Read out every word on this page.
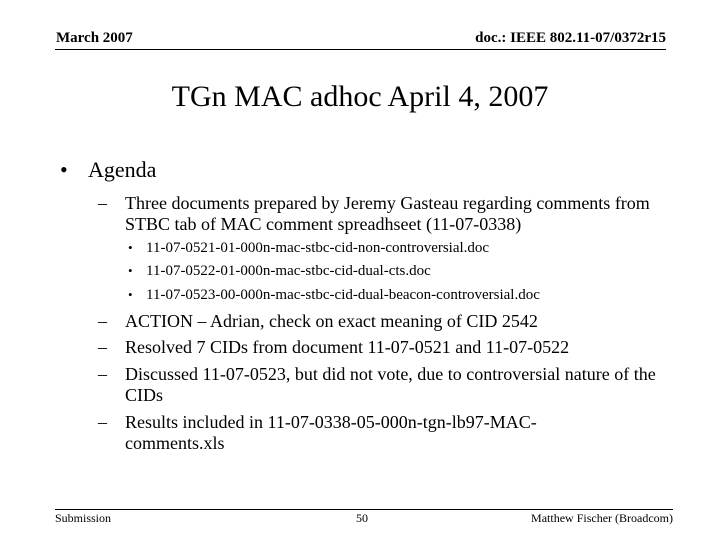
March 2007	doc.: IEEE 802.11-07/0372r15
TGn MAC adhoc April 4, 2007
• Agenda
– Three documents prepared by Jeremy Gasteau regarding comments from STBC tab of MAC comment spreadhseet (11-07-0338)
• 11-07-0521-01-000n-mac-stbc-cid-non-controversial.doc
• 11-07-0522-01-000n-mac-stbc-cid-dual-cts.doc
• 11-07-0523-00-000n-mac-stbc-cid-dual-beacon-controversial.doc
– ACTION – Adrian, check on exact meaning of CID 2542
– Resolved 7 CIDs from document 11-07-0521 and 11-07-0522
– Discussed 11-07-0523, but did not vote, due to controversial nature of the CIDs
– Results included in 11-07-0338-05-000n-tgn-lb97-MAC-comments.xls
Submission	50	Matthew Fischer (Broadcom)
